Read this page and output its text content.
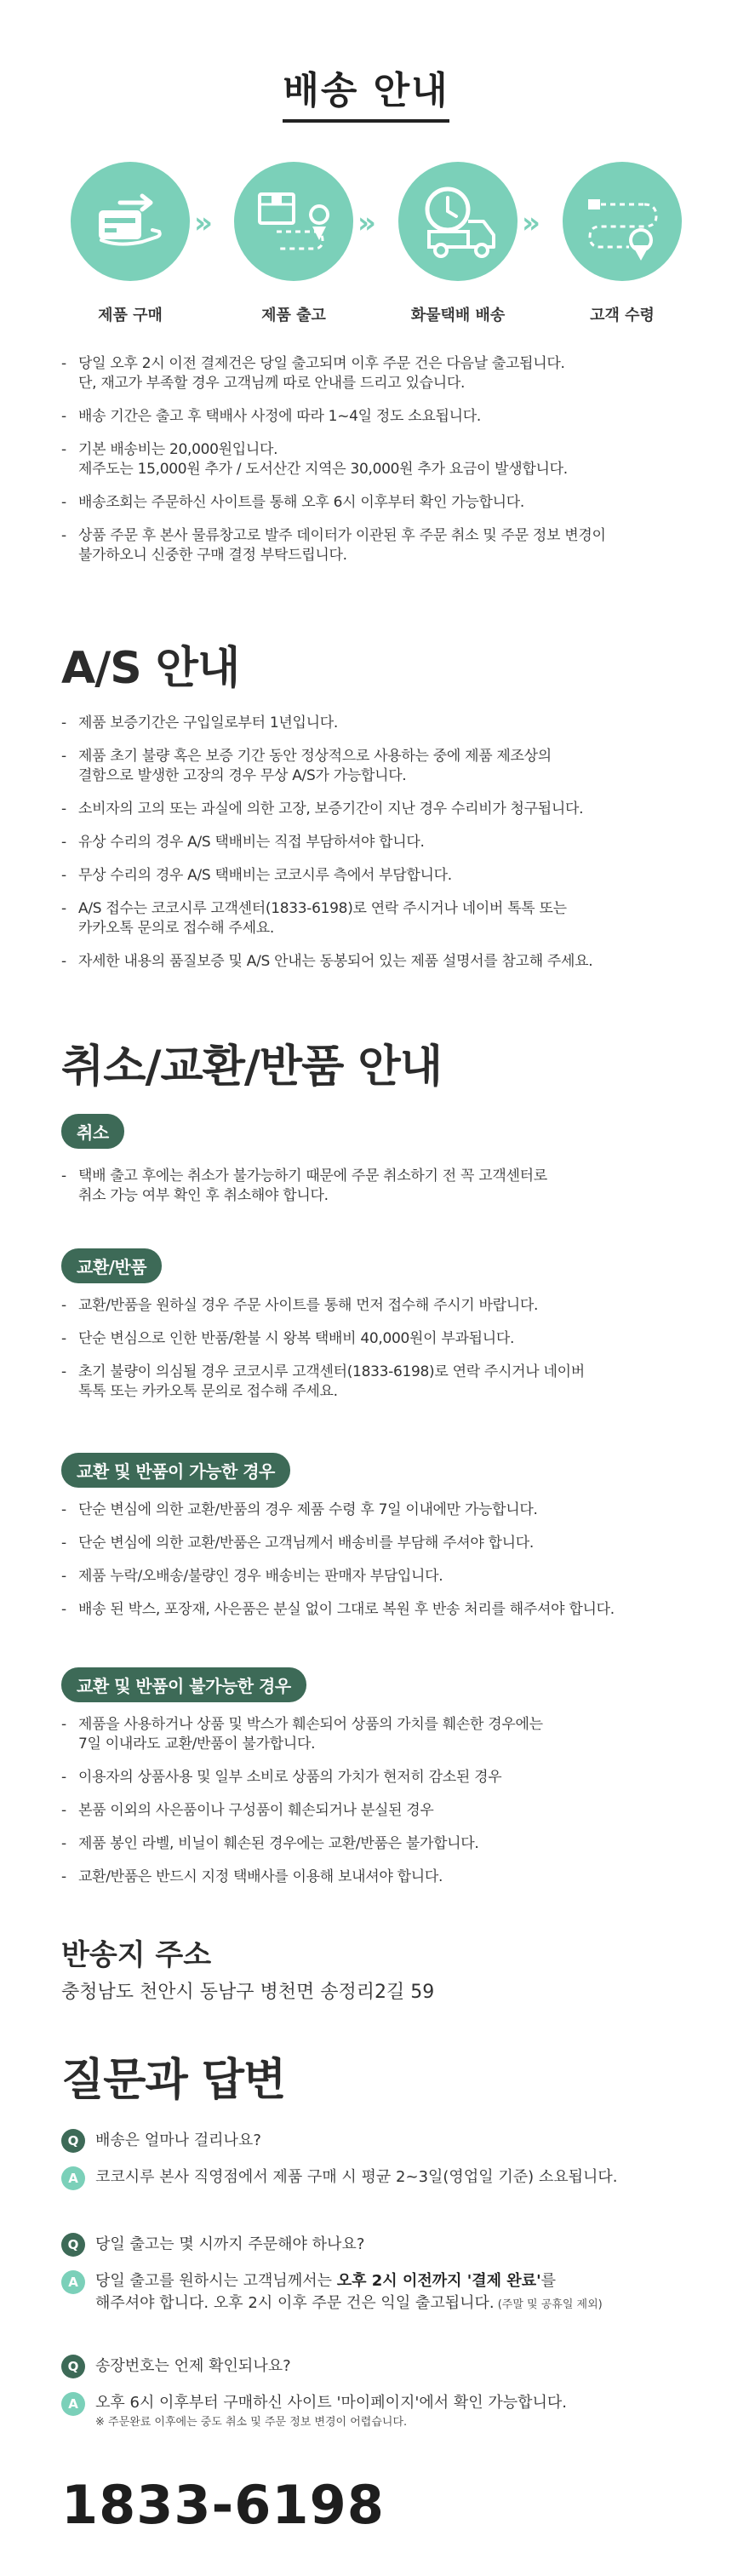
배송 안내
제품 구매
»
제품 출고
»
화물택배 배송
»
고객 수령
- 당일 오후 2시 이전 결제건은 당일 출고되며 이후 주문 건은 다음날 출고됩니다.
단, 재고가 부족할 경우 고객님께 따로 안내를 드리고 있습니다.
- 배송 기간은 출고 후 택배사 사정에 따라 1~4일 정도 소요됩니다.
- 기본 배송비는 20,000원입니다.
제주도는 15,000원 추가 / 도서산간 지역은 30,000원 추가 요금이 발생합니다.
- 배송조회는 주문하신 사이트를 통해 오후 6시 이후부터 확인 가능합니다.
- 상품 주문 후 본사 물류창고로 발주 데이터가 이관된 후 주문 취소 및 주문 정보 변경이
불가하오니 신중한 구매 결정 부탁드립니다.
A/S 안내
- 제품 보증기간은 구입일로부터 1년입니다.
- 제품 초기 불량 혹은 보증 기간 동안 정상적으로 사용하는 중에 제품 제조상의
결함으로 발생한 고장의 경우 무상 A/S가 가능합니다.
- 소비자의 고의 또는 과실에 의한 고장, 보증기간이 지난 경우 수리비가 청구됩니다.
- 유상 수리의 경우 A/S 택배비는 직접 부담하셔야 합니다.
- 무상 수리의 경우 A/S 택배비는 코코시루 측에서 부담합니다.
- A/S 접수는 코코시루 고객센터(1833-6198)로 연락 주시거나 네이버 톡톡 또는
카카오톡 문의로 접수해 주세요.
- 자세한 내용의 품질보증 및 A/S 안내는 동봉되어 있는 제품 설명서를 참고해 주세요.
취소/교환/반품 안내
취소
- 택배 출고 후에는 취소가 불가능하기 때문에 주문 취소하기 전 꼭 고객센터로
취소 가능 여부 확인 후 취소해야 합니다.
교환/반품
- 교환/반품을 원하실 경우 주문 사이트를 통해 먼저 접수해 주시기 바랍니다.
- 단순 변심으로 인한 반품/환불 시 왕복 택배비 40,000원이 부과됩니다.
- 초기 불량이 의심될 경우 코코시루 고객센터(1833-6198)로 연락 주시거나 네이버
톡톡 또는 카카오톡 문의로 접수해 주세요.
교환 및 반품이 가능한 경우
- 단순 변심에 의한 교환/반품의 경우 제품 수령 후 7일 이내에만 가능합니다.
- 단순 변심에 의한 교환/반품은 고객님께서 배송비를 부담해 주셔야 합니다.
- 제품 누락/오배송/불량인 경우 배송비는 판매자 부담입니다.
- 배송 된 박스, 포장재, 사은품은 분실 없이 그대로 복원 후 반송 처리를 해주셔야 합니다.
교환 및 반품이 불가능한 경우
- 제품을 사용하거나 상품 및 박스가 훼손되어 상품의 가치를 훼손한 경우에는
7일 이내라도 교환/반품이 불가합니다.
- 이용자의 상품사용 및 일부 소비로 상품의 가치가 현저히 감소된 경우
- 본품 이외의 사은품이나 구성품이 훼손되거나 분실된 경우
- 제품 봉인 라벨, 비닐이 훼손된 경우에는 교환/반품은 불가합니다.
- 교환/반품은 반드시 지정 택배사를 이용해 보내셔야 합니다.
반송지 주소
충청남도 천안시 동남구 병천면 송정리2길 59
질문과 답변
Q	배송은 얼마나 걸리나요?
A	코코시루 본사 직영점에서 제품 구매 시 평균 2~3일(영업일 기준) 소요됩니다.
Q	당일 출고는 몇 시까지 주문해야 하나요?
A	당일 출고를 원하시는 고객님께서는 오후 2시 이전까지 '결제 완료'를
해주셔야 합니다. 오후 2시 이후 주문 건은 익일 출고됩니다. (주말 및 공휴일 제외)
Q	송장번호는 언제 확인되나요?
A	오후 6시 이후부터 구매하신 사이트 '마이페이지'에서 확인 가능합니다.
※ 주문완료 이후에는 중도 취소 및 주문 정보 변경이 어렵습니다.
1833-6198
